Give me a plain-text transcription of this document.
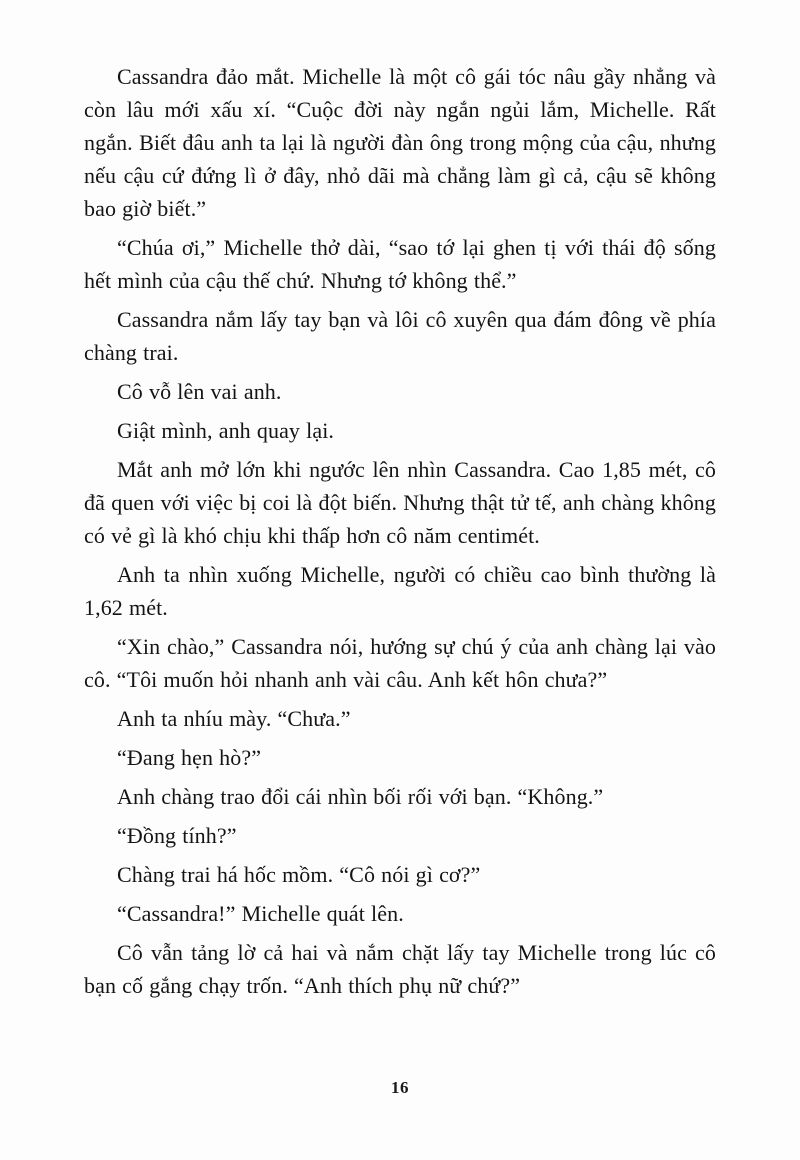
Cassandra đảo mắt. Michelle là một cô gái tóc nâu gầy nhẳng và còn lâu mới xấu xí. “Cuộc đời này ngắn ngủi lắm, Michelle. Rất ngắn. Biết đâu anh ta lại là người đàn ông trong mộng của cậu, nhưng nếu cậu cứ đứng lì ở đây, nhỏ dãi mà chẳng làm gì cả, cậu sẽ không bao giờ biết.”

“Chúa ơi,” Michelle thở dài, “sao tớ lại ghen tị với thái độ sống hết mình của cậu thế chứ. Nhưng tớ không thể.”

Cassandra nắm lấy tay bạn và lôi cô xuyên qua đám đông về phía chàng trai.

Cô vỗ lên vai anh.

Giật mình, anh quay lại.

Mắt anh mở lớn khi ngước lên nhìn Cassandra. Cao 1,85 mét, cô đã quen với việc bị coi là đột biến. Nhưng thật tử tế, anh chàng không có vẻ gì là khó chịu khi thấp hơn cô năm centimét.

Anh ta nhìn xuống Michelle, người có chiều cao bình thường là 1,62 mét.

“Xin chào,” Cassandra nói, hướng sự chú ý của anh chàng lại vào cô. “Tôi muốn hỏi nhanh anh vài câu. Anh kết hôn chưa?”

Anh ta nhíu mày. “Chưa.”

“Đang hẹn hò?”

Anh chàng trao đổi cái nhìn bối rối với bạn. “Không.”

“Đồng tính?”

Chàng trai há hốc mồm. “Cô nói gì cơ?”

“Cassandra!” Michelle quát lên.

Cô vẫn tảng lờ cả hai và nắm chặt lấy tay Michelle trong lúc cô bạn cố gắng chạy trốn. “Anh thích phụ nữ chứ?”

16
